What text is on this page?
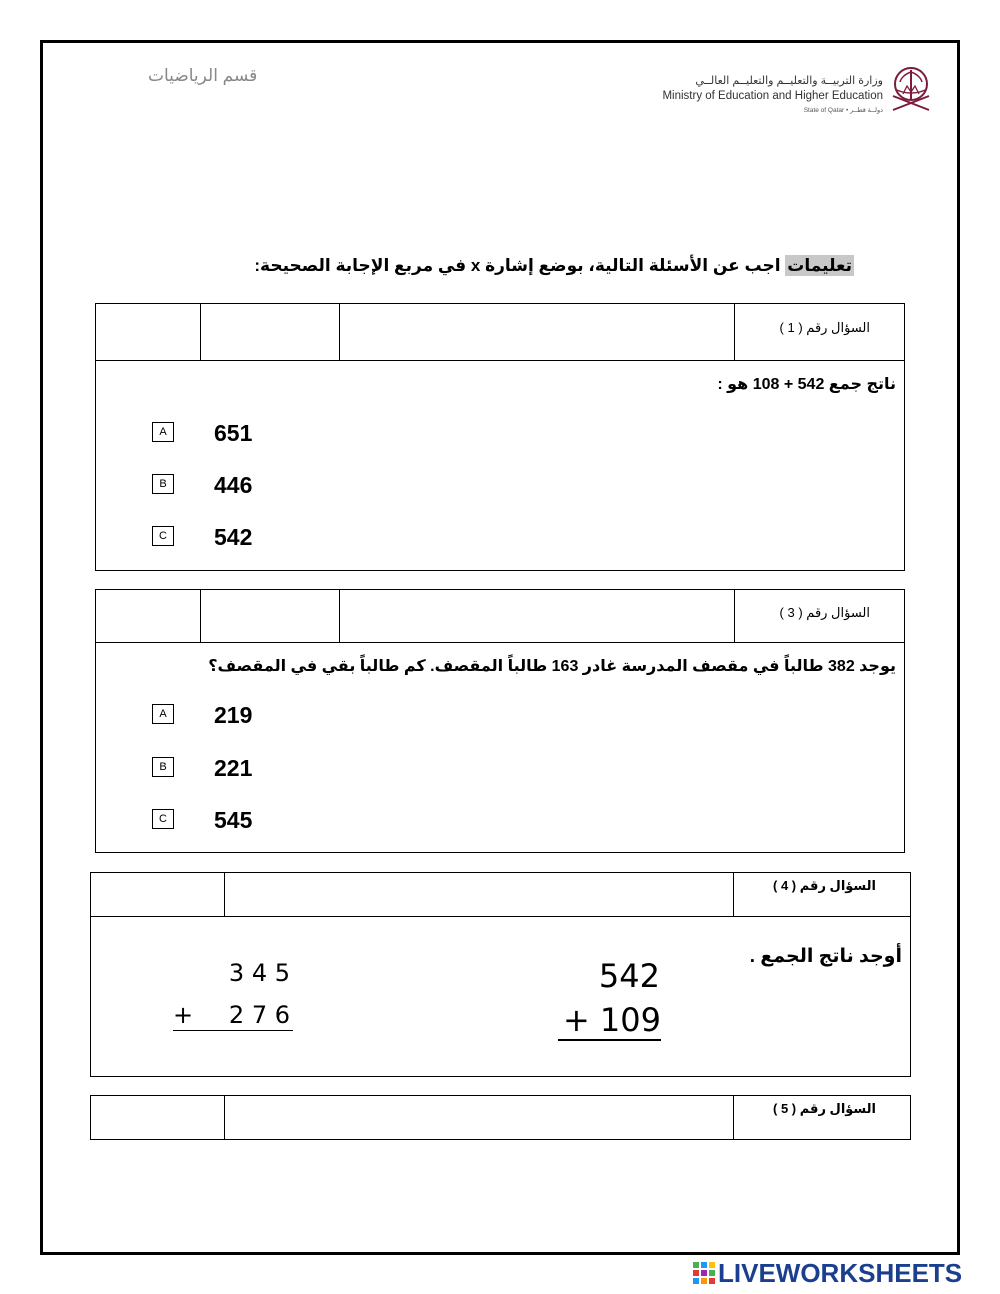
قسم الرياضيات	وزارة التربيــة والتعليــم والتعليــم العالــي
Ministry of Education and Higher Education
State of Qatar • دولــة قطــر
تعليمات اجب عن الأسئلة التالية، بوضع إشارة x في مربع الإجابة الصحيحة:
السؤال رقم ( 1 )
ناتج جمع 542 + 108 هو :
A	651
B	446
C	542
السؤال رقم ( 3 )
يوجد 382 طالباً في مقصف المدرسة غادر 163 طالباً المقصف. كم طالباً بقي في المقصف؟
A	219
B	221
C	545
السؤال رقم ( 4 )
أوجد ناتج الجمع .
542
+ 109
3 4 5
+ 2 7 6
السؤال رقم ( 5 )
LIVEWORKSHEETS
